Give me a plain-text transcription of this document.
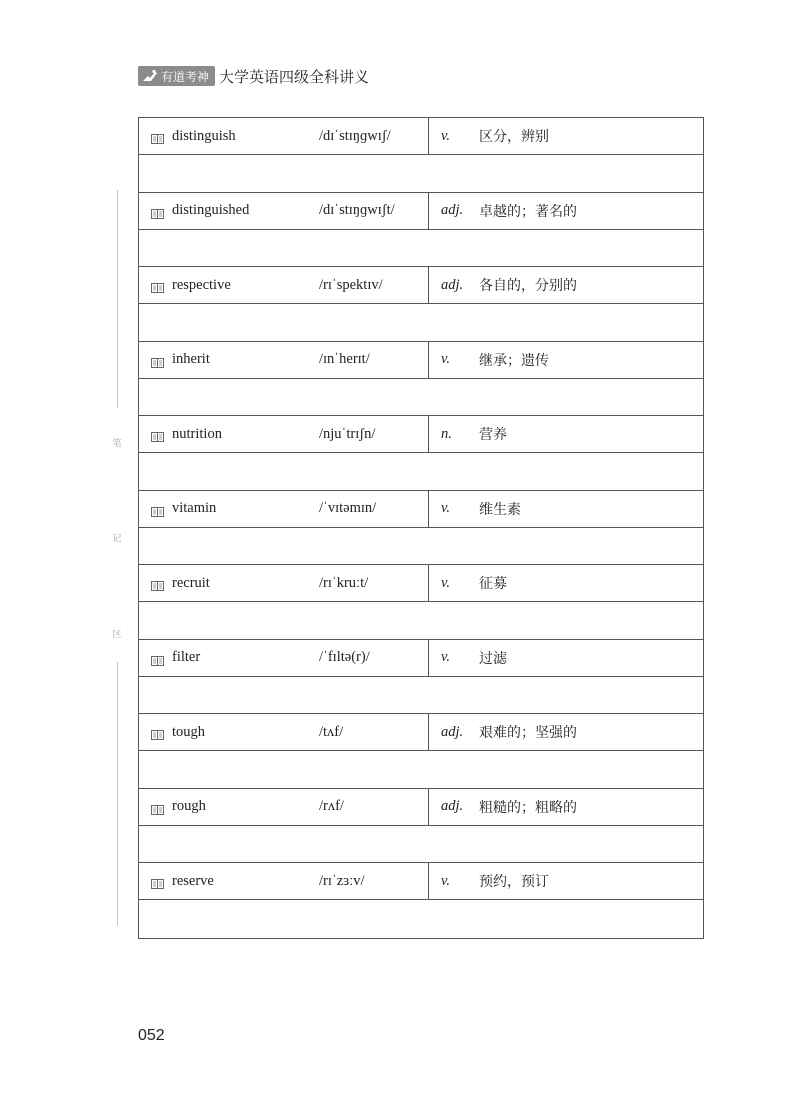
有道考神 大学英语四级全科讲义
笔
记
区
distinguish	/dɪˈstɪŋɡwɪʃ/	v.	区分，辨别
distinguished	/dɪˈstɪŋɡwɪʃt/	adj.	卓越的；著名的
respective	/rɪˈspektɪv/	adj.	各自的，分别的
inherit	/ɪnˈherɪt/	v.	继承；遗传
nutrition	/njuˈtrɪʃn/	n.	营养
vitamin	/ˈvɪtəmɪn/	v.	维生素
recruit	/rɪˈkruːt/	v.	征募
filter	/ˈfɪltə(r)/	v.	过滤
tough	/tʌf/	adj.	艰难的；坚强的
rough	/rʌf/	adj.	粗糙的；粗略的
reserve	/rɪˈzɜːv/	v.	预约，预订
052
